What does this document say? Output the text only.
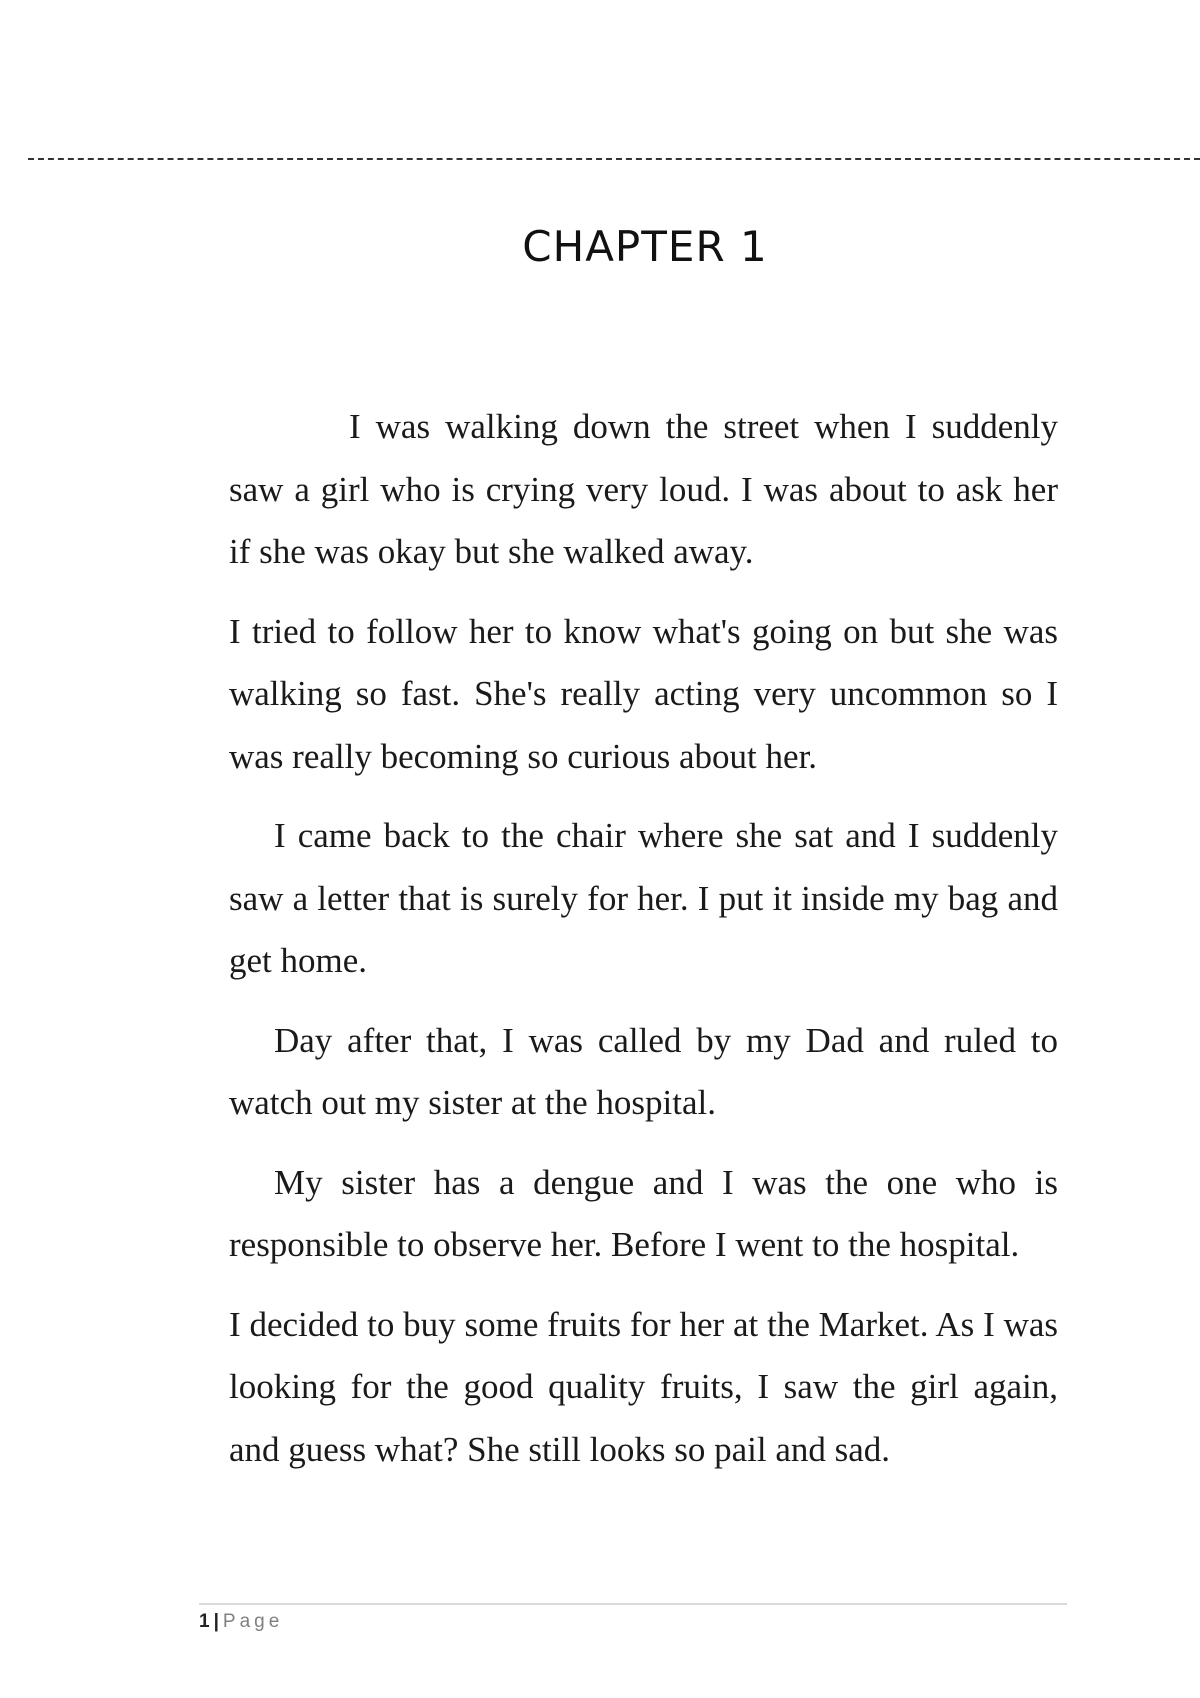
CHAPTER 1

I was walking down the street when I suddenly saw a girl who is crying very loud. I was about to ask her if she was okay but she walked away.

I tried to follow her to know what's going on but she was walking so fast. She's really acting very uncommon so I was really becoming so curious about her.

I came back to the chair where she sat and I suddenly saw a letter that is surely for her. I put it inside my bag and get home.

Day after that, I was called by my Dad and ruled to watch out my sister at the hospital.

My sister has a dengue and I was the one who is responsible to observe her. Before I went to the hospital.

I decided to buy some fruits for her at the Market. As I was looking for the good quality fruits, I saw the girl again, and guess what? She still looks so pail and sad.

1 | Page
